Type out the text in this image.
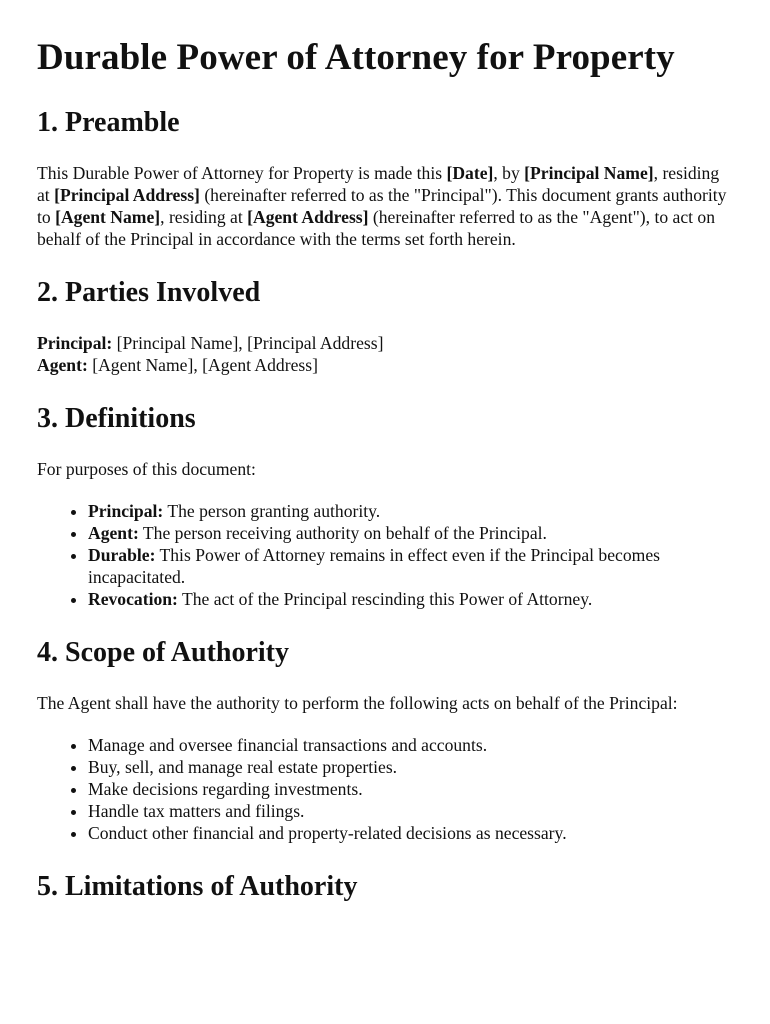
Durable Power of Attorney for Property
1. Preamble

This Durable Power of Attorney for Property is made this [Date], by [Principal Name], residing at [Principal Address] (hereinafter referred to as the "Principal"). This document grants authority to [Agent Name], residing at [Agent Address] (hereinafter referred to as the "Agent"), to act on behalf of the Principal in accordance with the terms set forth herein.

2. Parties Involved

Principal: [Principal Name], [Principal Address]
Agent: [Agent Name], [Agent Address]

3. Definitions

For purposes of this document:

• Principal: The person granting authority.
• Agent: The person receiving authority on behalf of the Principal.
• Durable: This Power of Attorney remains in effect even if the Principal becomes incapacitated.
• Revocation: The act of the Principal rescinding this Power of Attorney.
4. Scope of Authority

The Agent shall have the authority to perform the following acts on behalf of the Principal:

• Manage and oversee financial transactions and accounts.
• Buy, sell, and manage real estate properties.
• Make decisions regarding investments.
• Handle tax matters and filings.
• Conduct other financial and property-related decisions as necessary.
5. Limitations of Authority
